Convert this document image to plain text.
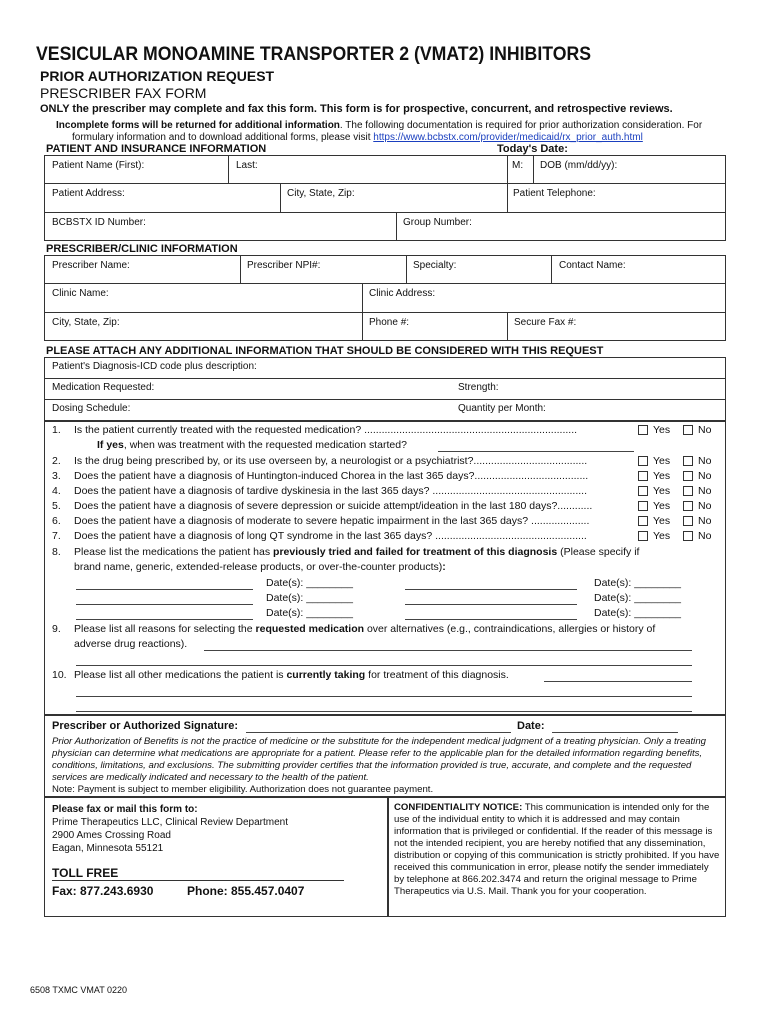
VESICULAR MONOAMINE TRANSPORTER 2 (VMAT2) INHIBITORS
PRIOR AUTHORIZATION REQUEST
PRESCRIBER FAX FORM
ONLY the prescriber may complete and fax this form. This form is for prospective, concurrent, and retrospective reviews.
Incomplete forms will be returned for additional information. The following documentation is required for prior authorization consideration. For
formulary information and to download additional forms, please visit https://www.bcbstx.com/provider/medicaid/rx_prior_auth.html
PATIENT AND INSURANCE INFORMATION	Today's Date:
Patient Name (First):	Last:	M: DOB (mm/dd/yy):
Patient Address:	City, State, Zip:	Patient Telephone:
BCBSTX ID Number:	Group Number:
PRESCRIBER/CLINIC INFORMATION
Prescriber Name:	Prescriber NPI#:	Specialty:	Contact Name:
Clinic Name:	Clinic Address:
City, State, Zip:	Phone #:	Secure Fax #:
PLEASE ATTACH ANY ADDITIONAL INFORMATION THAT SHOULD BE CONSIDERED WITH THIS REQUEST
Patient's Diagnosis-ICD code plus description:
Medication Requested:	Strength:
Dosing Schedule:	Quantity per Month:
1. Is the patient currently treated with the requested medication? .........................................................................	Yes	No
If yes, when was treatment with the requested medication started?
2. Is the drug being prescribed by, or its use overseen by, a neurologist or a psychiatrist?.......................................	Yes	No
3. Does the patient have a diagnosis of Huntington-induced Chorea in the last 365 days?.......................................	Yes	No
4. Does the patient have a diagnosis of tardive dyskinesia in the last 365 days? .....................................................	Yes	No
5. Does the patient have a diagnosis of severe depression or suicide attempt/ideation in the last 180 days?............	Yes	No
6. Does the patient have a diagnosis of moderate to severe hepatic impairment in the last 365 days? ....................	Yes	No
7. Does the patient have a diagnosis of long QT syndrome in the last 365 days? ....................................................	Yes	No
8. Please list the medications the patient has previously tried and failed for treatment of this diagnosis (Please specify if
brand name, generic, extended-release products, or over-the-counter products):
Date(s): ________	Date(s): ________
Date(s): ________	Date(s): ________
Date(s): ________	Date(s): ________
9. Please list all reasons for selecting the requested medication over alternatives (e.g., contraindications, allergies or history of
adverse drug reactions).
10. Please list all other medications the patient is currently taking for treatment of this diagnosis.
Prescriber or Authorized Signature:	Date:
Prior Authorization of Benefits is not the practice of medicine or the substitute for the independent medical judgment of a treating physician. Only a treating physician can determine what medications are appropriate for a patient. Please refer to the applicable plan for the detailed information regarding benefits, conditions, limitations, and exclusions. The submitting provider certifies that the information provided is true, accurate, and complete and the requested services are medically indicated and necessary to the health of the patient.
Note: Payment is subject to member eligibility. Authorization does not guarantee payment.
Please fax or mail this form to:
Prime Therapeutics LLC, Clinical Review Department
2900 Ames Crossing Road
Eagan, Minnesota 55121
TOLL FREE
Fax: 877.243.6930	Phone: 855.457.0407
CONFIDENTIALITY NOTICE: This communication is intended only for the use of the individual entity to which it is addressed and may contain information that is privileged or confidential. If the reader of this message is not the intended recipient, you are hereby notified that any dissemination, distribution or copying of this communication is strictly prohibited. If you have received this communication in error, please notify the sender immediately by telephone at 866.202.3474 and return the original message to Prime Therapeutics via U.S. Mail. Thank you for your cooperation.
6508 TXMC VMAT 0220
